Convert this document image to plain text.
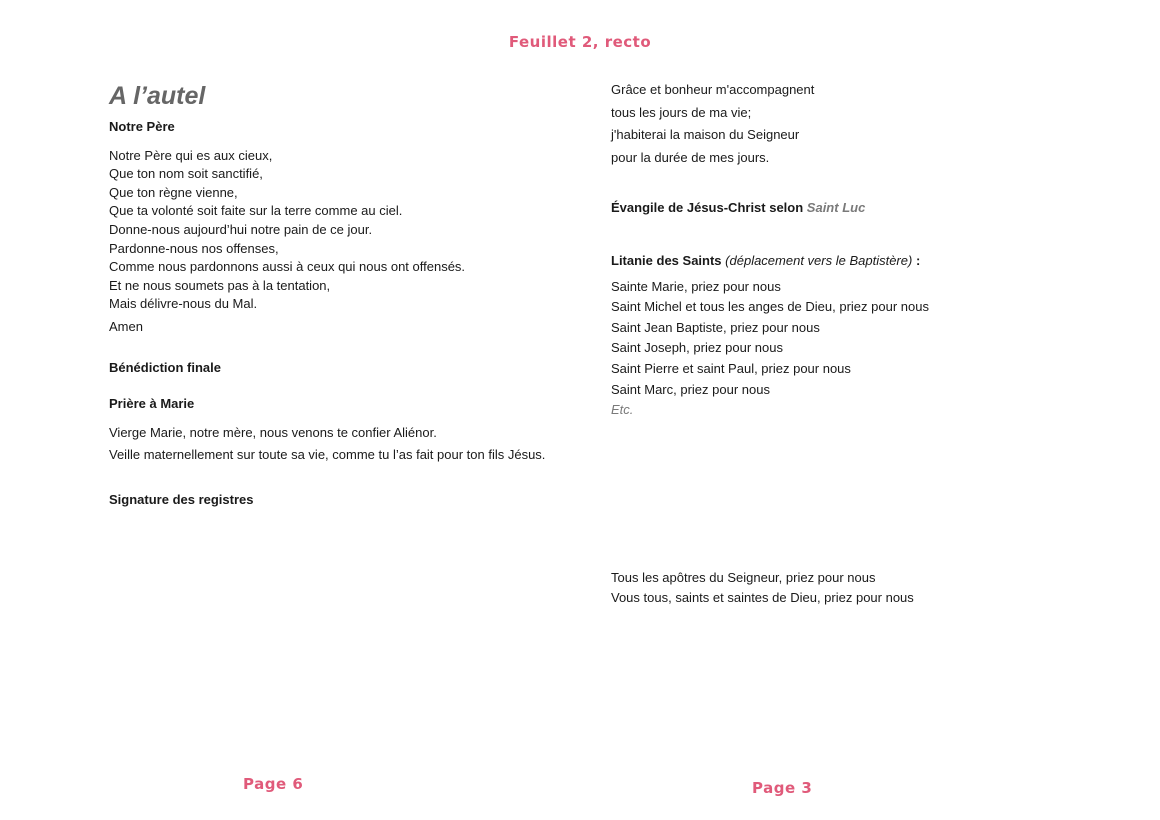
Feuillet 2, recto
A l’autel

Notre Père

Notre Père qui es aux cieux,
Que ton nom soit sanctifié,
Que ton règne vienne,
Que ta volonté soit faite sur la terre comme au ciel.
Donne-nous aujourd’hui notre pain de ce jour.
Pardonne-nous nos offenses,
Comme nous pardonnons aussi à ceux qui nous ont offensés.
Et ne nous soumets pas à la tentation,
Mais délivre-nous du Mal.

Amen

Bénédiction finale

Prière à Marie

Vierge Marie, notre mère, nous venons te confier Aliénor.

Veille maternellement sur toute sa vie, comme tu l’as fait pour ton fils Jésus.

Signature des registres

Grâce et bonheur m'accompagnent
tous les jours de ma vie;
j'habiterai la maison du Seigneur
pour la durée de mes jours.

Évangile de Jésus-Christ selon Saint Luc

Litanie des Saints (déplacement vers le Baptistère) :

Sainte Marie, priez pour nous
Saint Michel et tous les anges de Dieu, priez pour nous
Saint Jean Baptiste, priez pour nous
Saint Joseph, priez pour nous
Saint Pierre et saint Paul, priez pour nous
Saint Marc, priez pour nous
Etc.
Tous les apôtres du Seigneur, priez pour nous
Vous tous, saints et saintes de Dieu, priez pour nous
Page 6	Page 3
